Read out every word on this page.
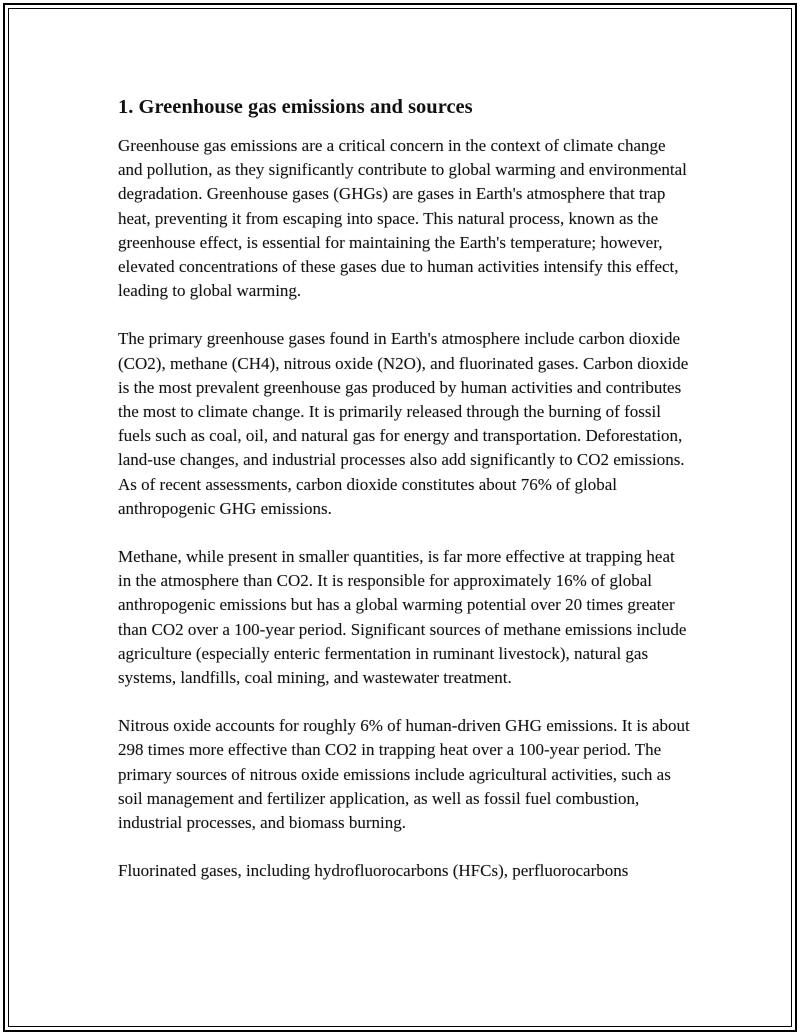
1. Greenhouse gas emissions and sources

Greenhouse gas emissions are a critical concern in the context of climate change and pollution, as they significantly contribute to global warming and environmental degradation. Greenhouse gases (GHGs) are gases in Earth's atmosphere that trap heat, preventing it from escaping into space. This natural process, known as the greenhouse effect, is essential for maintaining the Earth's temperature; however, elevated concentrations of these gases due to human activities intensify this effect, leading to global warming.

The primary greenhouse gases found in Earth's atmosphere include carbon dioxide (CO2), methane (CH4), nitrous oxide (N2O), and fluorinated gases. Carbon dioxide is the most prevalent greenhouse gas produced by human activities and contributes the most to climate change. It is primarily released through the burning of fossil fuels such as coal, oil, and natural gas for energy and transportation. Deforestation, land-use changes, and industrial processes also add significantly to CO2 emissions. As of recent assessments, carbon dioxide constitutes about 76% of global anthropogenic GHG emissions.

Methane, while present in smaller quantities, is far more effective at trapping heat in the atmosphere than CO2. It is responsible for approximately 16% of global anthropogenic emissions but has a global warming potential over 20 times greater than CO2 over a 100-year period. Significant sources of methane emissions include agriculture (especially enteric fermentation in ruminant livestock), natural gas systems, landfills, coal mining, and wastewater treatment.

Nitrous oxide accounts for roughly 6% of human-driven GHG emissions. It is about 298 times more effective than CO2 in trapping heat over a 100-year period. The primary sources of nitrous oxide emissions include agricultural activities, such as soil management and fertilizer application, as well as fossil fuel combustion, industrial processes, and biomass burning.

Fluorinated gases, including hydrofluorocarbons (HFCs), perfluorocarbons
